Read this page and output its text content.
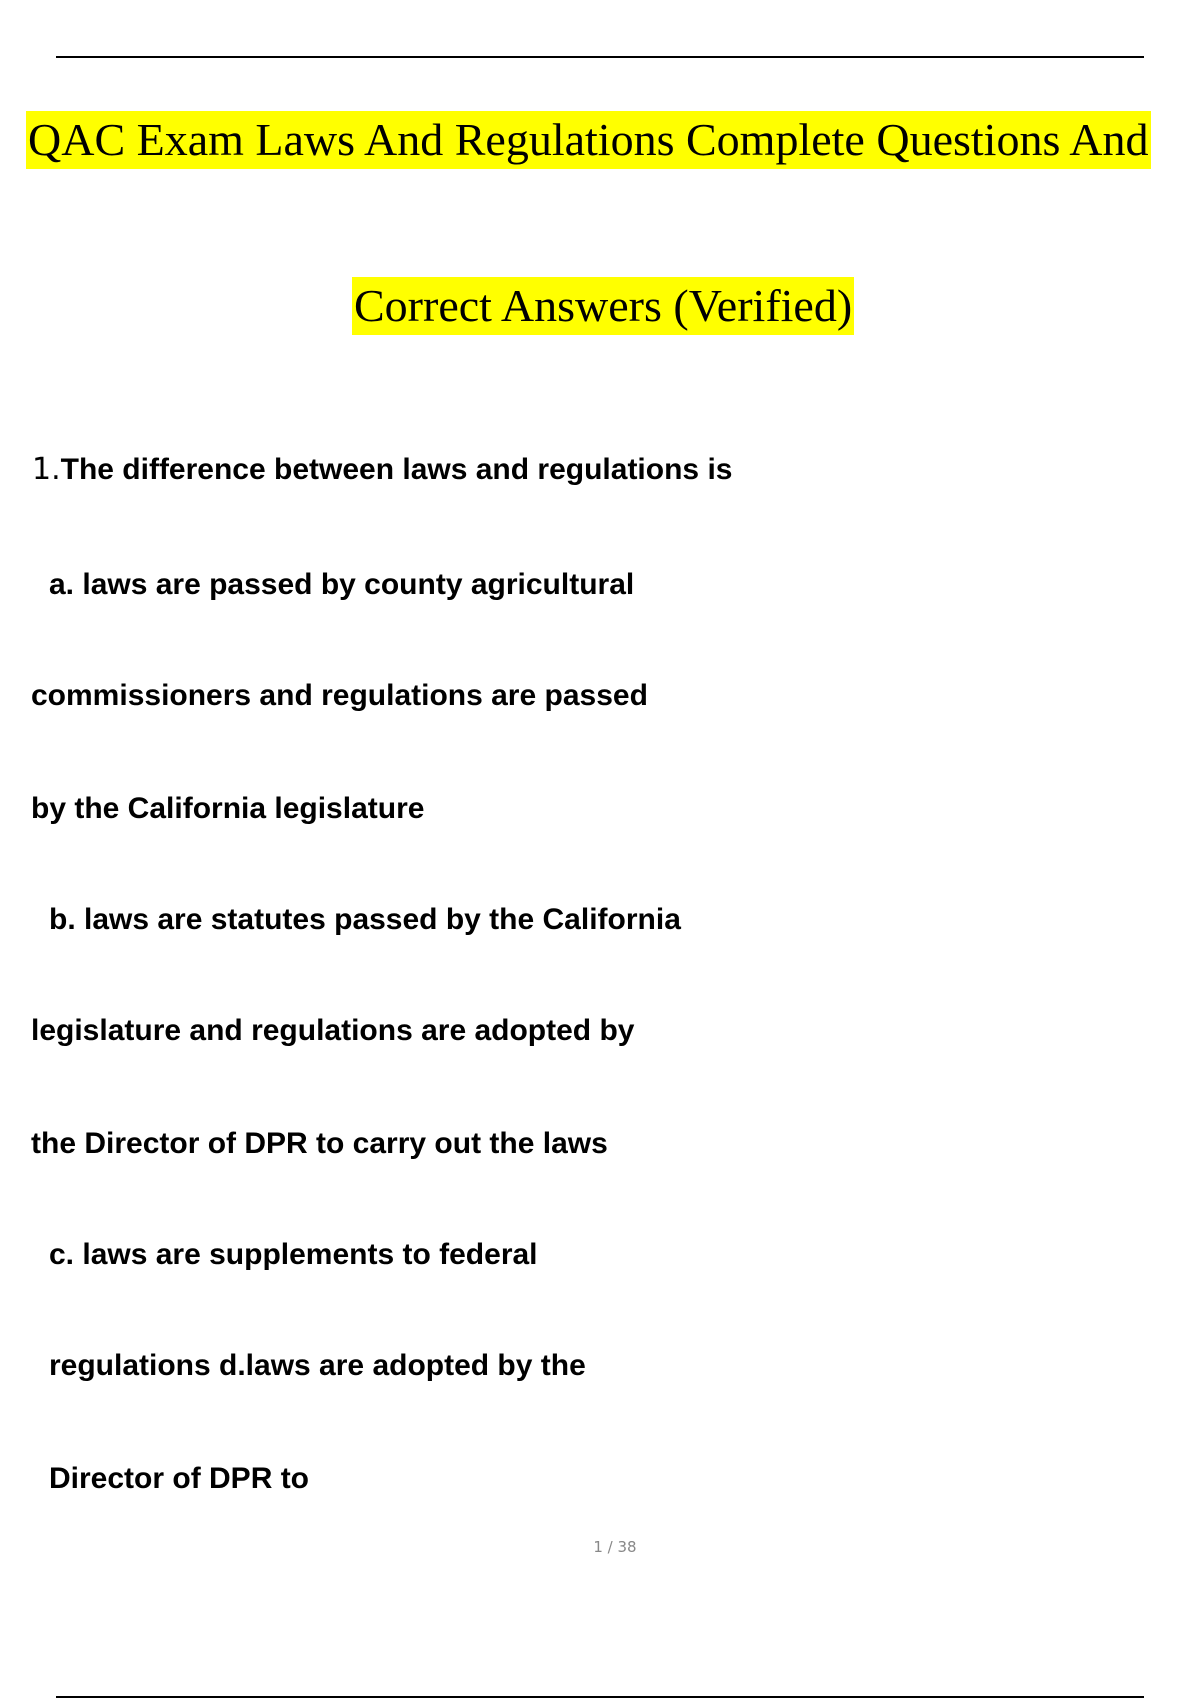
QAC Exam Laws And Regulations Complete Questions And
Correct Answers (Verified)
1.The difference between laws and regulations is
a. laws are passed by county agricultural
commissioners and regulations are passed
by the California legislature
b. laws are statutes passed by the California
legislature and regulations are adopted by
the Director of DPR to carry out the laws
c. laws are supplements to federal
regulations d.laws are adopted by the
Director of DPR to
1 / 38
